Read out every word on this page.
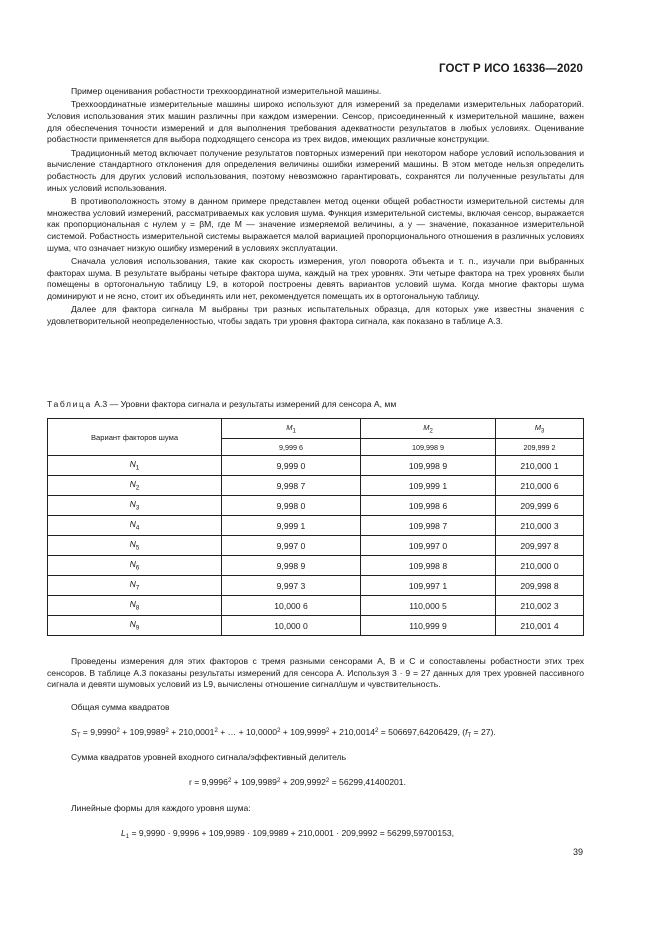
ГОСТ Р ИСО 16336—2020

Пример оценивания робастности трехкоординатной измерительной машины.

Трехкоординатные измерительные машины широко используют для измерений за пределами измерительных лабораторий. Условия использования этих машин различны при каждом измерении. Сенсор, присоединенный к измерительной машине, важен для обеспечения точности измерений и для выполнения требования адекватности результатов в любых условиях. Оценивание робастности применяется для выбора подходящего сенсора из трех видов, имеющих различные конструкции.

Традиционный метод включает получение результатов повторных измерений при некотором наборе условий использования и вычисление стандартного отклонения для определения величины ошибки измерений машины. В этом методе нельзя определить робастность для других условий использования, поэтому невозможно гарантировать, сохранятся ли полученные результаты для иных условий использования.

В противоположность этому в данном примере представлен метод оценки общей робастности измерительной системы для множества условий измерений, рассматриваемых как условия шума. Функция измерительной системы, включая сенсор, выражается как пропорциональная с нулем y = βM, где M — значение измеряемой величины, а y — значение, показанное измерительной системой. Робастность измерительной системы выражается малой вариацией пропорционального отношения в различных условиях шума, что означает низкую ошибку измерений в условиях эксплуатации.

Сначала условия использования, такие как скорость измерения, угол поворота объекта и т. п., изучали при выбранных факторах шума. В результате выбраны четыре фактора шума, каждый на трех уровнях. Эти четыре фактора на трех уровнях были помещены в ортогональную таблицу L9, в которой построены девять вариантов условий шума. Когда многие факторы шума доминируют и не ясно, стоит их объединять или нет, рекомендуется помещать их в ортогональную таблицу.

Далее для фактора сигнала M выбраны три разных испытательных образца, для которых уже известны значения с удовлетворительной неопределенностью, чтобы задать три уровня фактора сигнала, как показано в таблице А.3.

Таблица А.3 — Уровни фактора сигнала и результаты измерений для сенсора А, мм
Вариант факторов шума	$M_1$	$M_2$	$M_3$
	9,999 6	109,998 9	209,999 2
$N_1$	9,999 0	109,998 9	210,000 1
$N_2$	9,998 7	109,999 1	210,000 6
$N_3$	9,998 0	109,998 6	209,999 6
$N_4$	9,999 1	109,998 7	210,000 3
$N_5$	9,997 0	109,997 0	209,997 8
$N_6$	9,998 9	109,998 8	210,000 0
$N_7$	9,997 3	109,997 1	209,998 8
$N_8$	10,000 6	110,000 5	210,002 3
$N_9$	10,000 0	110,999 9	210,001 4

Проведены измерения для этих факторов с тремя разными сенсорами А, В и С и сопоставлены робастности этих трех сенсоров. В таблице А.3 показаны результаты измерений для сенсора А. Используя 3 · 9 = 27 данных для трех уровней пассивного сигнала и девяти шумовых условий из L9, вычислены отношение сигнал/шум и чувствительность.

Общая сумма квадратов
$S_T = 9,9990^2 + 109,9989^2 + 210,0001^2$ + … + $10,0000^2 + 109,9999^2 + 210,0014^2 = 506697,64206429$, $(f_T = 27)$.
Сумма квадратов уровней входного сигнала/эффективный делитель
$r = 9,9996^2 + 109,9989^2 + 209,9992^2 = 56299,41400201$.
Линейные формы для каждого уровня шума:
$L_1 = 9,9990 \cdot 9,9996 + 109,9989 \cdot 109,9989 + 210,0001 \cdot 209,9992 = 56299,59700153$,
39
